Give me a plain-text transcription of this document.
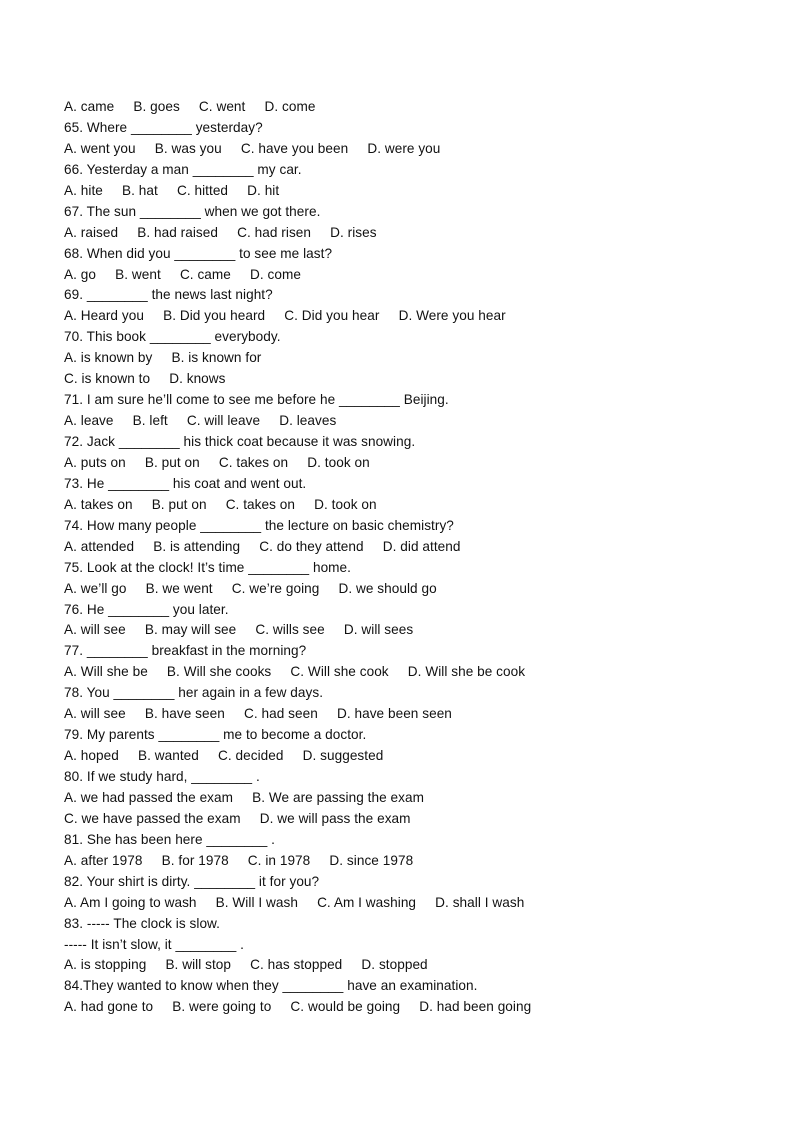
A. came     B. goes     C. went     D. come
65. Where ________ yesterday?
A. went you     B. was you     C. have you been     D. were you
66. Yesterday a man ________ my car.
A. hite     B. hat     C. hitted     D. hit
67. The sun ________ when we got there.
A. raised     B. had raised     C. had risen     D. rises
68. When did you ________ to see me last?
A. go     B. went     C. came     D. come
69. ________ the news last night?
A. Heard you     B. Did you heard     C. Did you hear     D. Were you hear
70. This book ________ everybody.
A. is known by     B. is known for
C. is known to     D. knows
71. I am sure he’ll come to see me before he ________ Beijing.
A. leave     B. left     C. will leave     D. leaves
72. Jack ________ his thick coat because it was snowing.
A. puts on     B. put on     C. takes on     D. took on
73. He ________ his coat and went out.
A. takes on     B. put on     C. takes on     D. took on
74. How many people ________ the lecture on basic chemistry?
A. attended     B. is attending     C. do they attend     D. did attend
75. Look at the clock! It’s time ________ home.
A. we’ll go     B. we went     C. we’re going     D. we should go
76. He ________ you later.
A. will see     B. may will see     C. wills see     D. will sees
77. ________ breakfast in the morning?
A. Will she be     B. Will she cooks     C. Will she cook     D. Will she be cook
78. You ________ her again in a few days.
A. will see     B. have seen     C. had seen     D. have been seen
79. My parents ________ me to become a doctor.
A. hoped     B. wanted     C. decided     D. suggested
80. If we study hard, ________ .
A. we had passed the exam     B. We are passing the exam
C. we have passed the exam     D. we will pass the exam
81. She has been here ________ .
A. after 1978     B. for 1978     C. in 1978     D. since 1978
82. Your shirt is dirty. ________ it for you?
A. Am I going to wash     B. Will I wash     C. Am I washing     D. shall I wash
83. ----- The clock is slow.
----- It isn’t slow, it ________ .
A. is stopping     B. will stop     C. has stopped     D. stopped
84.They wanted to know when they ________ have an examination.
A. had gone to     B. were going to     C. would be going     D. had been going
